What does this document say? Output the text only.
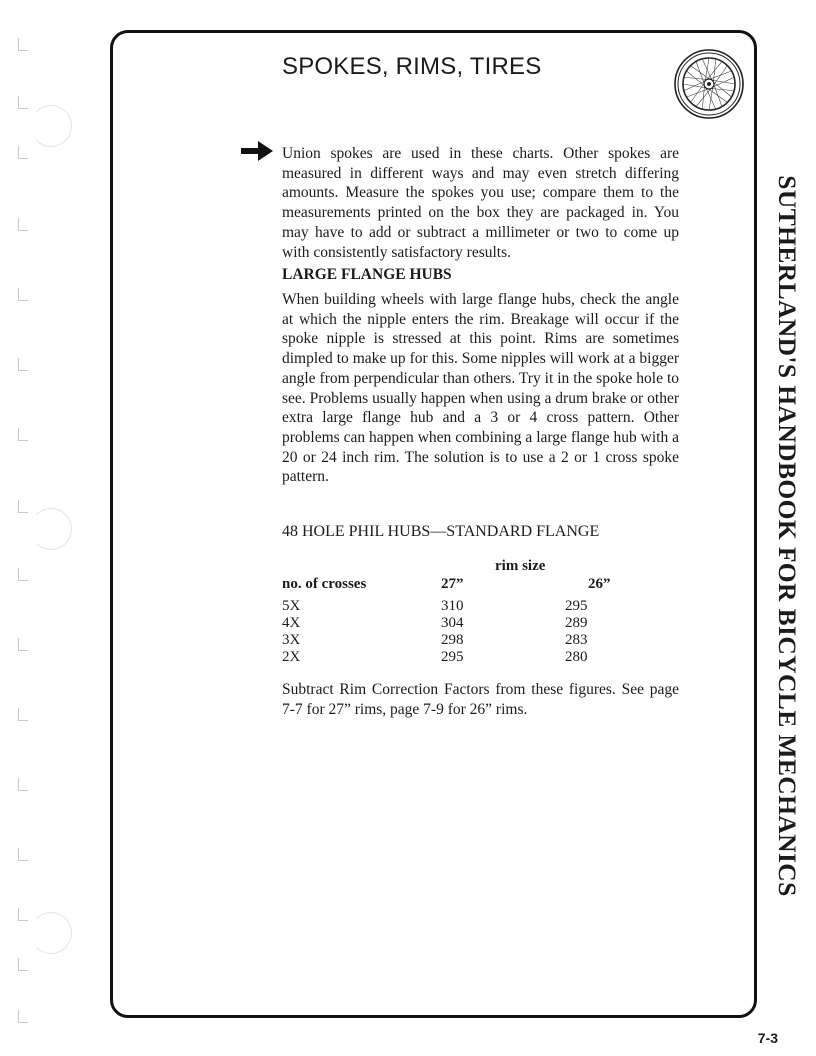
SPOKES, RIMS, TIRES
SUTHERLAND'S HANDBOOK FOR BICYCLE MECHANICS

Union spokes are used in these charts. Other spokes are measured in different ways and may even stretch differing amounts. Measure the spokes you use; compare them to the measurements printed on the box they are packaged in. You may have to add or subtract a millimeter or two to come up with consistently satisfactory results.

LARGE FLANGE HUBS

When building wheels with large flange hubs, check the angle at which the nipple enters the rim. Breakage will occur if the spoke nipple is stressed at this point. Rims are sometimes dimpled to make up for this. Some nipples will work at a bigger angle from perpendicular than others. Try it in the spoke hole to see. Problems usually happen when using a drum brake or other extra large flange hub and a 3 or 4 cross pattern. Other problems can happen when combining a large flange hub with a 20 or 24 inch rim. The solution is to use a 2 or 1 cross spoke pattern.

48 HOLE PHIL HUBS—STANDARD FLANGE
rim size
no. of crosses	27”	26”
5X	310	295
4X	304	289
3X	298	283
2X	295	280

Subtract Rim Correction Factors from these figures. See page 7-7 for 27” rims, page 7-9 for 26” rims.

7-3
